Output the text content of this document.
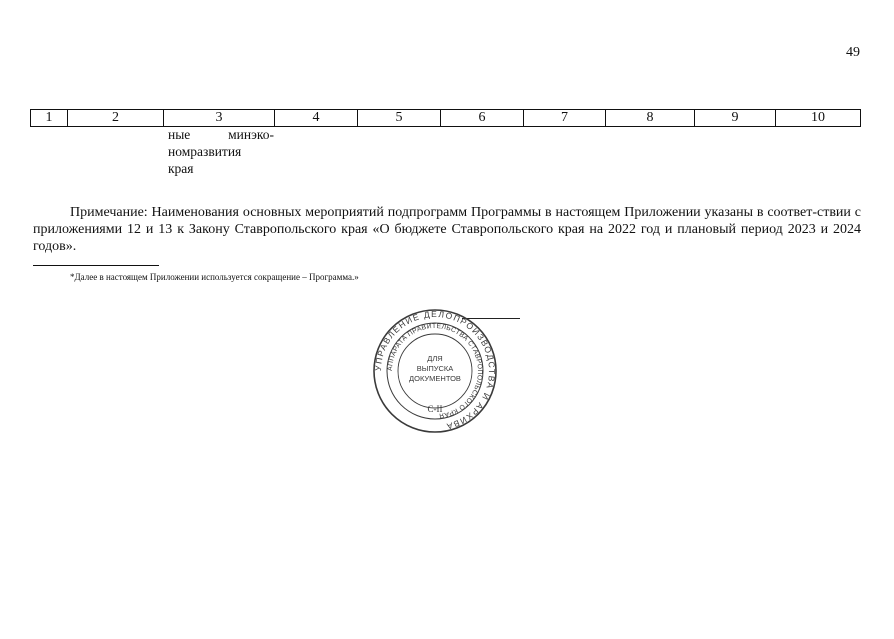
49
1	2	3	4	5	6	7	8	9	10
ные	минэко-
номразвития
края
Примечание: Наименования основных мероприятий подпрограмм Программы в настоящем Приложении указаны в соответ-ствии с приложениями 12 и 13 к Закону Ставропольского края «О бюджете Ставропольского края на 2022 год и плановый период 2023 и 2024 годов».
*Далее в настоящем Приложении используется сокращение – Программа.»
УПРАВЛЕНИЕ ДЕЛОПРОИЗВОДСТВА И АРХИВА
АППАРАТА ПРАВИТЕЛЬСТВА СТАВРОПОЛЬСКОГО КРАЯ
ДЛЯ
ВЫПУСКА
ДОКУМЕНТОВ
С-II
